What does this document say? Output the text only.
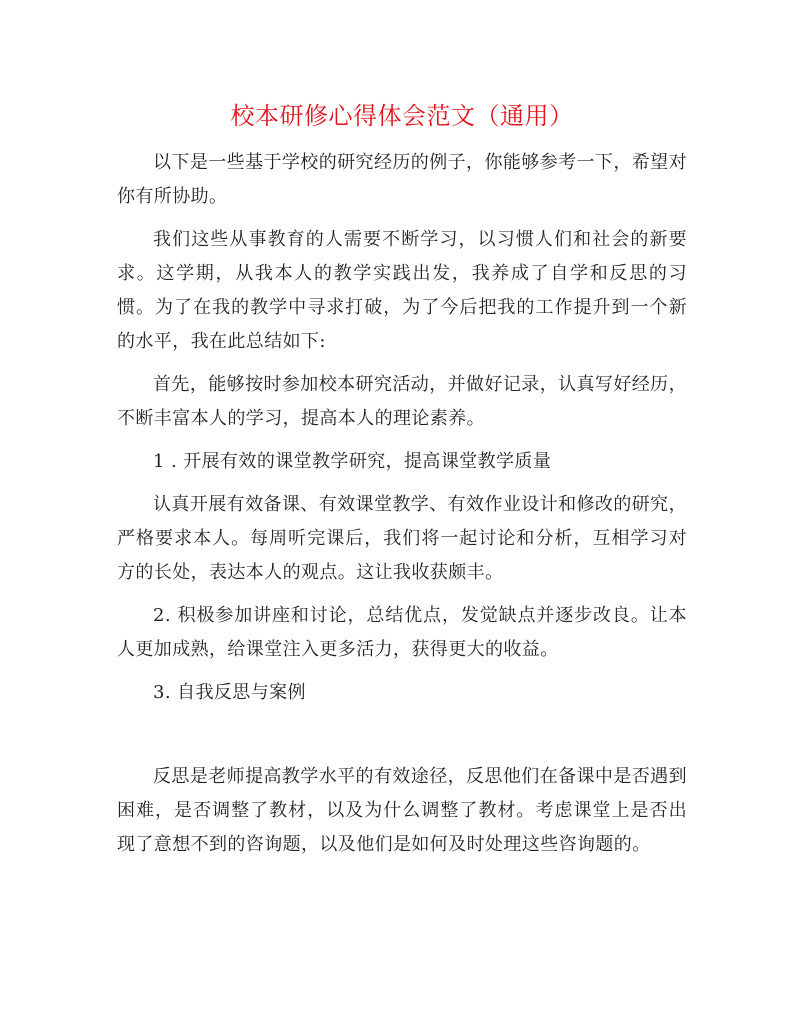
校本研修心得体会范文（通用）

以下是一些基于学校的研究经历的例子，你能够参考一下，希望对你有所协助。

我们这些从事教育的人需要不断学习，以习惯人们和社会的新要求。这学期，从我本人的教学实践出发，我养成了自学和反思的习惯。为了在我的教学中寻求打破，为了今后把我的工作提升到一个新的水平，我在此总结如下:

首先，能够按时参加校本研究活动，并做好记录，认真写好经历，不断丰富本人的学习，提高本人的理论素养。

1 . 开展有效的课堂教学研究，提高课堂教学质量

认真开展有效备课、有效课堂教学、有效作业设计和修改的研究，严格要求本人。每周听完课后，我们将一起讨论和分析，互相学习对方的长处，表达本人的观点。这让我收获颇丰。

2. 积极参加讲座和讨论，总结优点，发觉缺点并逐步改良。让本人更加成熟，给课堂注入更多活力，获得更大的收益。

3. 自我反思与案例

反思是老师提高教学水平的有效途径，反思他们在备课中是否遇到困难，是否调整了教材，以及为什么调整了教材。考虑课堂上是否出现了意想不到的咨询题，以及他们是如何及时处理这些咨询题的。
